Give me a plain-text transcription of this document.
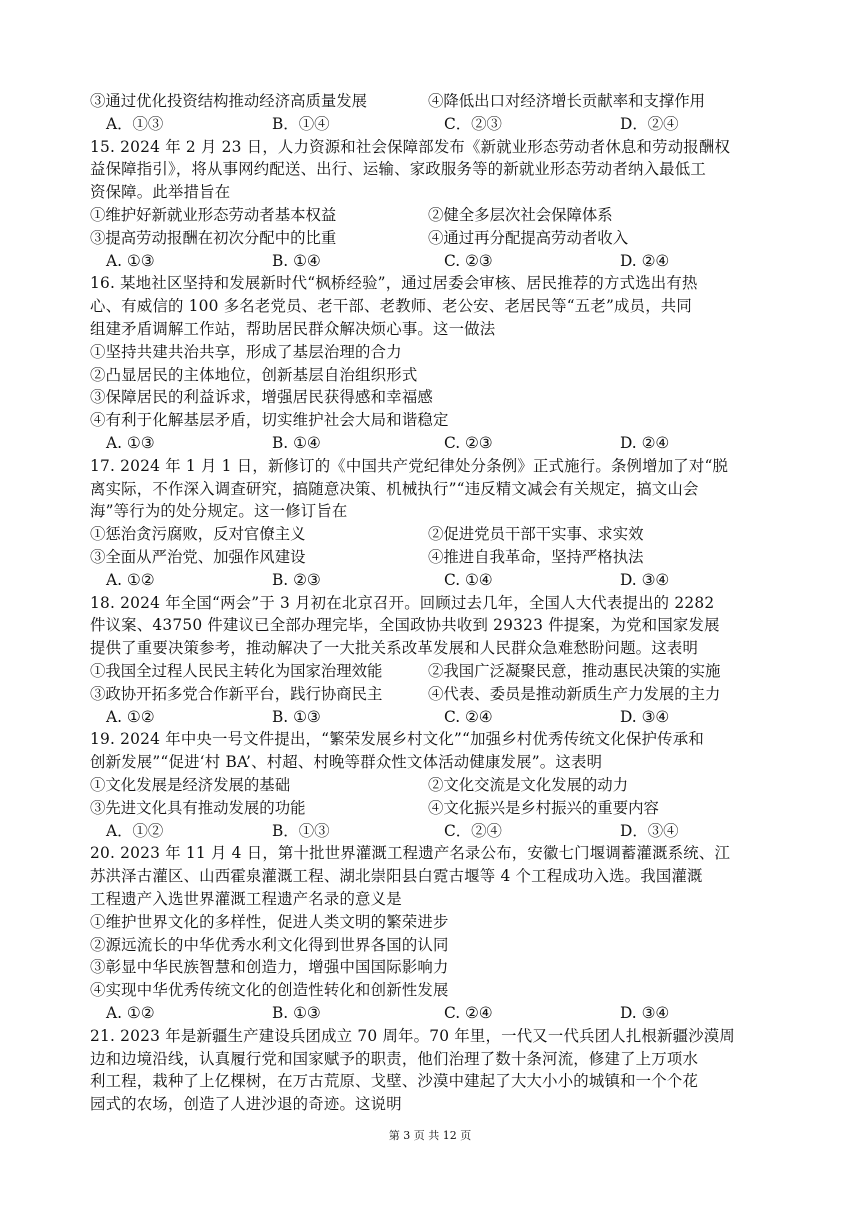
③通过优化投资结构推动经济高质量发展	④降低出口对经济增长贡献率和支撑作用
A．①③	B．①④	C．②③	D．②④
15. 2024 年 2 月 23 日，人力资源和社会保障部发布《新就业形态劳动者休息和劳动报酬权
益保障指引》，将从事网约配送、出行、运输、家政服务等的新就业形态劳动者纳入最低工
资保障。此举措旨在
①维护好新就业形态劳动者基本权益	②健全多层次社会保障体系
③提高劳动报酬在初次分配中的比重	④通过再分配提高劳动者收入
A. ①③	B. ①④	C. ②③	D. ②④
16. 某地社区坚持和发展新时代“枫桥经验”，通过居委会审核、居民推荐的方式选出有热
心、有威信的 100 多名老党员、老干部、老教师、老公安、老居民等“五老”成员，共同
组建矛盾调解工作站，帮助居民群众解决烦心事。这一做法
①坚持共建共治共享，形成了基层治理的合力
②凸显居民的主体地位，创新基层自治组织形式
③保障居民的利益诉求，增强居民获得感和幸福感
④有利于化解基层矛盾，切实维护社会大局和谐稳定
A. ①③	B. ①④	C. ②③	D. ②④
17. 2024 年 1 月 1 日，新修订的《中国共产党纪律处分条例》正式施行。条例增加了对“脱
离实际，不作深入调查研究，搞随意决策、机械执行”“违反精文减会有关规定，搞文山会
海”等行为的处分规定。这一修订旨在
①惩治贪污腐败，反对官僚主义	②促进党员干部干实事、求实效
③全面从严治党、加强作风建设	④推进自我革命，坚持严格执法
A. ①②	B. ②③	C. ①④	D. ③④
18. 2024 年全国“两会”于 3 月初在北京召开。回顾过去几年，全国人大代表提出的 2282
件议案、43750 件建议已全部办理完毕，全国政协共收到 29323 件提案，为党和国家发展
提供了重要决策参考，推动解决了一大批关系改革发展和人民群众急难愁盼问题。这表明
①我国全过程人民民主转化为国家治理效能	②我国广泛凝聚民意，推动惠民决策的实施
③政协开拓多党合作新平台，践行协商民主	④代表、委员是推动新质生产力发展的主力
A. ①②	B. ①③	C. ②④	D. ③④
19. 2024 年中央一号文件提出，“繁荣发展乡村文化”“加强乡村优秀传统文化保护传承和
创新发展”“促进‘村 BA’、村超、村晚等群众性文体活动健康发展”。这表明
①文化发展是经济发展的基础	②文化交流是文化发展的动力
③先进文化具有推动发展的功能	④文化振兴是乡村振兴的重要内容
A．①②	B．①③	C．②④	D．③④
20. 2023 年 11 月 4 日，第十批世界灌溉工程遗产名录公布，安徽七门堰调蓄灌溉系统、江
苏洪泽古灌区、山西霍泉灌溉工程、湖北崇阳县白霓古堰等 4 个工程成功入选。我国灌溉
工程遗产入选世界灌溉工程遗产名录的意义是
①维护世界文化的多样性，促进人类文明的繁荣进步
②源远流长的中华优秀水利文化得到世界各国的认同
③彰显中华民族智慧和创造力，增强中国国际影响力
④实现中华优秀传统文化的创造性转化和创新性发展
A. ①②	B. ①③	C. ②④	D. ③④
21. 2023 年是新疆生产建设兵团成立 70 周年。70 年里，一代又一代兵团人扎根新疆沙漠周
边和边境沿线，认真履行党和国家赋予的职责，他们治理了数十条河流，修建了上万项水
利工程，栽种了上亿棵树，在万古荒原、戈壁、沙漠中建起了大大小小的城镇和一个个花
园式的农场，创造了人进沙退的奇迹。这说明
第 3 页 共 12 页
